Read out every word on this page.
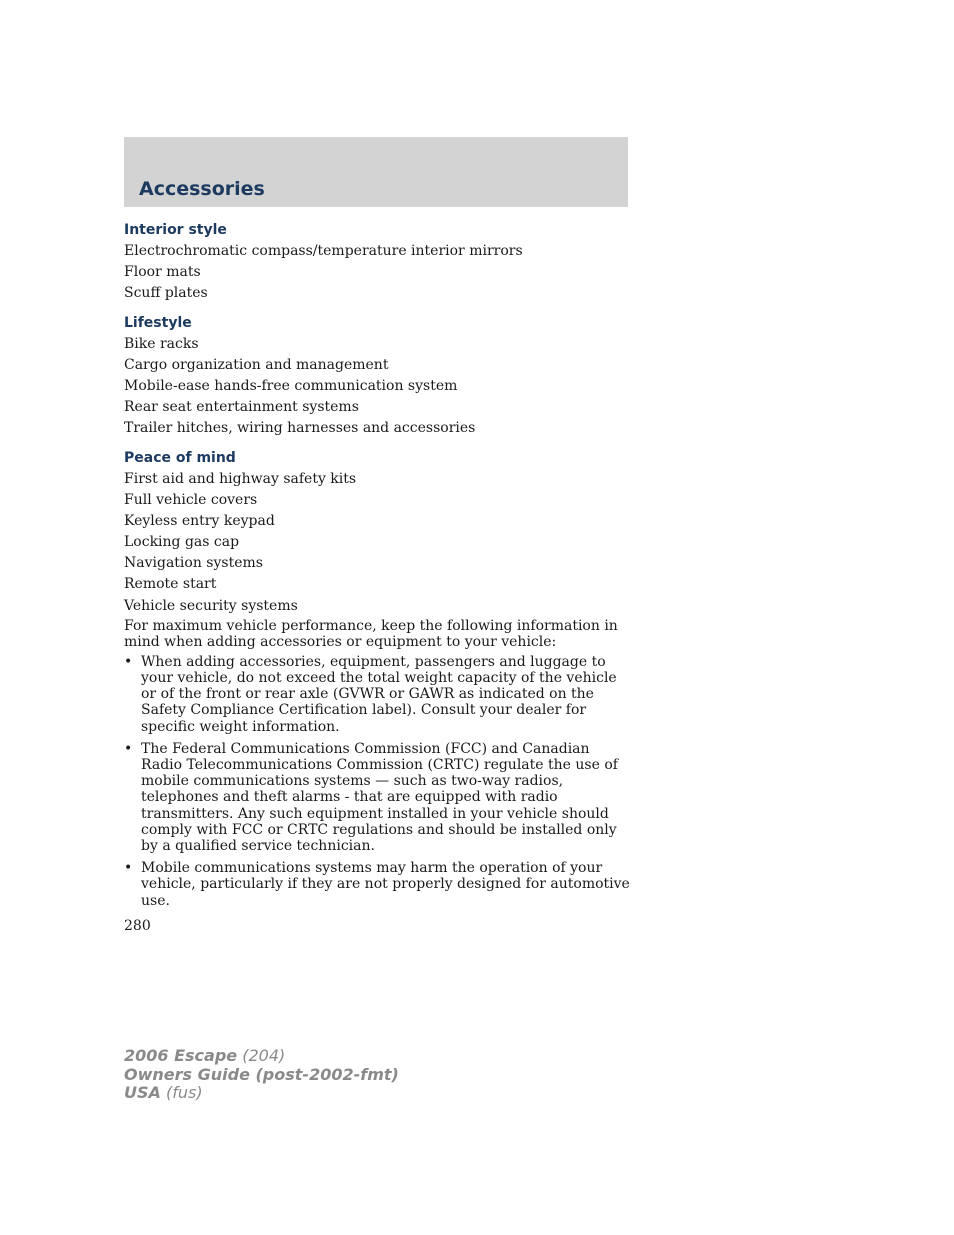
Accessories
Interior style
Electrochromatic compass/temperature interior mirrors
Floor mats
Scuff plates
Lifestyle
Bike racks
Cargo organization and management
Mobile-ease hands-free communication system
Rear seat entertainment systems
Trailer hitches, wiring harnesses and accessories
Peace of mind
First aid and highway safety kits
Full vehicle covers
Keyless entry keypad
Locking gas cap
Navigation systems
Remote start
Vehicle security systems

For maximum vehicle performance, keep the following information in mind when adding accessories or equipment to your vehicle:

• When adding accessories, equipment, passengers and luggage to your vehicle, do not exceed the total weight capacity of the vehicle or of the front or rear axle (GVWR or GAWR as indicated on the Safety Compliance Certification label). Consult your dealer for specific weight information.
• The Federal Communications Commission (FCC) and Canadian Radio Telecommunications Commission (CRTC) regulate the use of mobile communications systems — such as two-way radios, telephones and theft alarms - that are equipped with radio transmitters. Any such equipment installed in your vehicle should comply with FCC or CRTC regulations and should be installed only by a qualified service technician.
• Mobile communications systems may harm the operation of your vehicle, particularly if they are not properly designed for automotive use.
280
2006 Escape (204)
Owners Guide (post-2002-fmt)
USA (fus)
